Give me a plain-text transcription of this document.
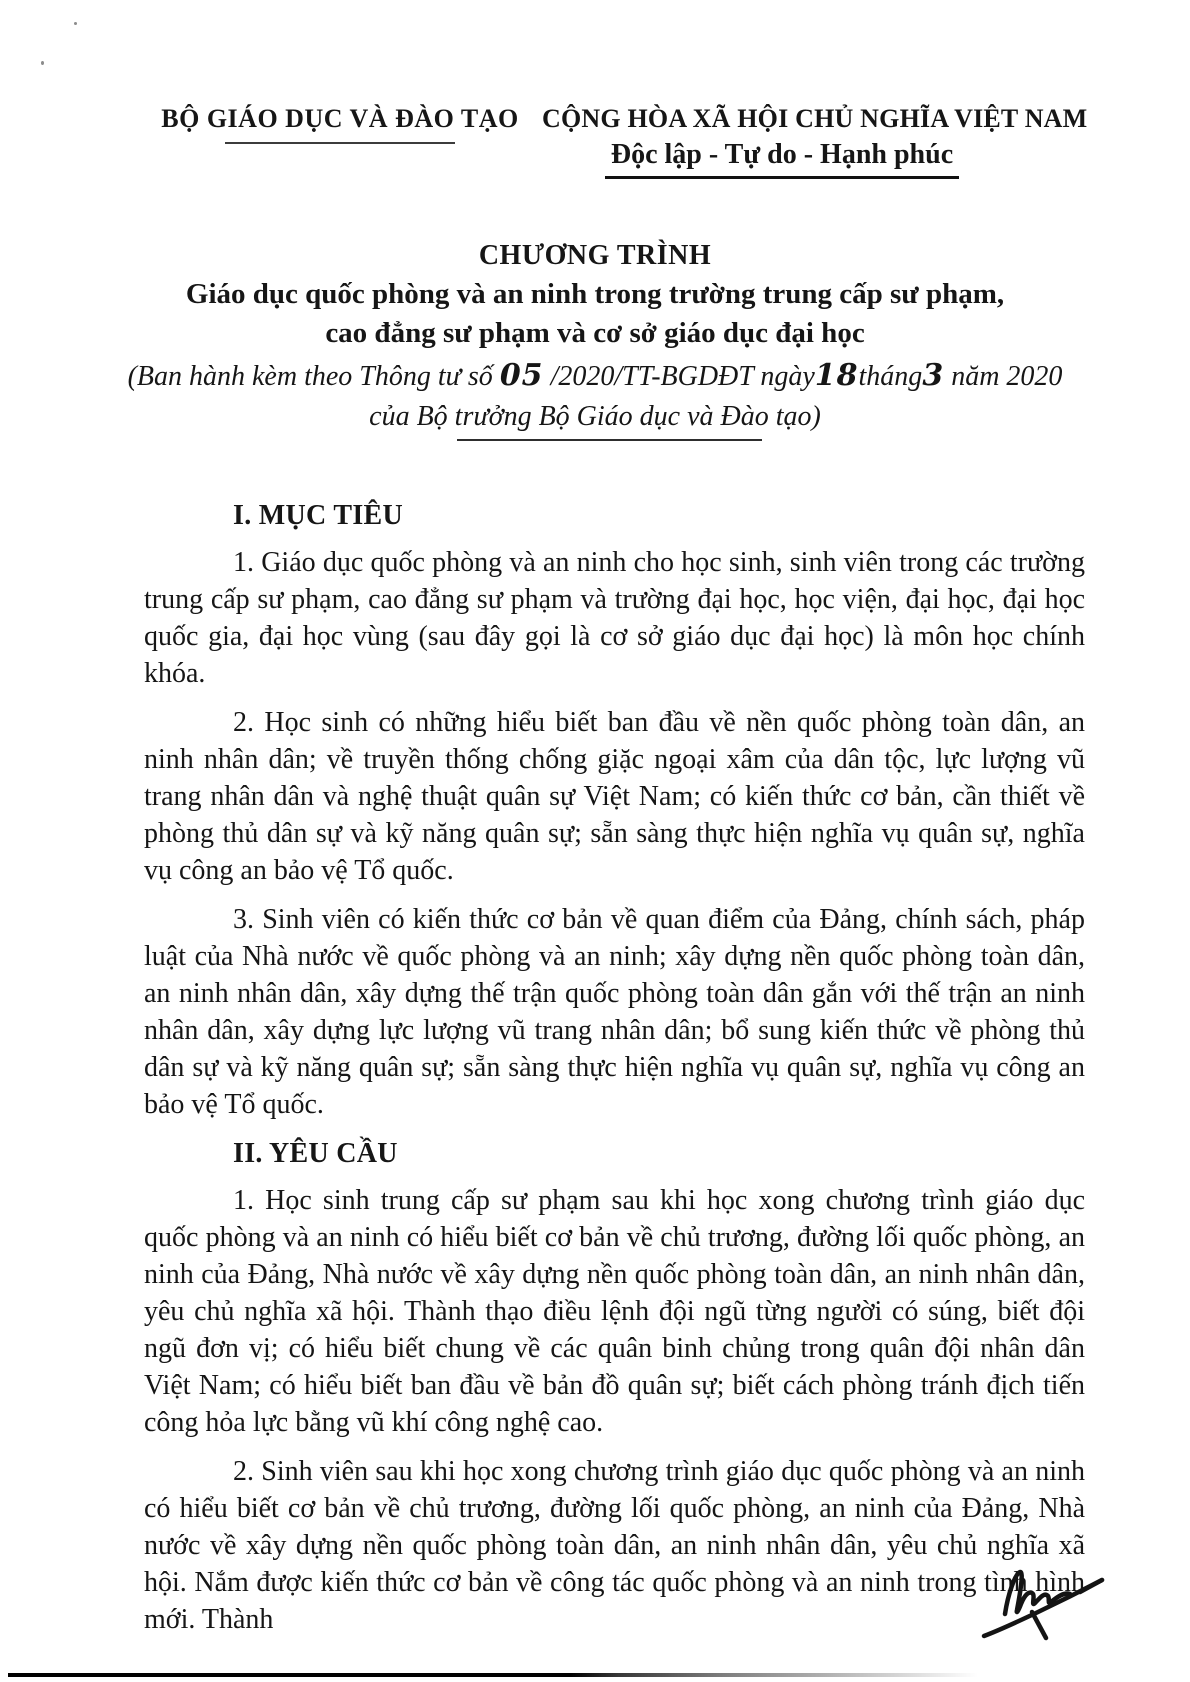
BỘ GIÁO DỤC VÀ ĐÀO TẠO CỘNG HÒA XÃ HỘI CHỦ NGHĨA VIỆT NAM
Độc lập - Tự do - Hạnh phúc
CHƯƠNG TRÌNH
Giáo dục quốc phòng và an ninh trong trường trung cấp sư phạm,
cao đẳng sư phạm và cơ sở giáo dục đại học
(Ban hành kèm theo Thông tư số 05 /2020/TT-BGDĐT ngày18tháng3 năm 2020
của Bộ trưởng Bộ Giáo dục và Đào tạo)
I. MỤC TIÊU

1. Giáo dục quốc phòng và an ninh cho học sinh, sinh viên trong các trường trung cấp sư phạm, cao đẳng sư phạm và trường đại học, học viện, đại học, đại học quốc gia, đại học vùng (sau đây gọi là cơ sở giáo dục đại học) là môn học chính khóa.

2. Học sinh có những hiểu biết ban đầu về nền quốc phòng toàn dân, an ninh nhân dân; về truyền thống chống giặc ngoại xâm của dân tộc, lực lượng vũ trang nhân dân và nghệ thuật quân sự Việt Nam; có kiến thức cơ bản, cần thiết về phòng thủ dân sự và kỹ năng quân sự; sẵn sàng thực hiện nghĩa vụ quân sự, nghĩa vụ công an bảo vệ Tổ quốc.

3. Sinh viên có kiến thức cơ bản về quan điểm của Đảng, chính sách, pháp luật của Nhà nước về quốc phòng và an ninh; xây dựng nền quốc phòng toàn dân, an ninh nhân dân, xây dựng thế trận quốc phòng toàn dân gắn với thế trận an ninh nhân dân, xây dựng lực lượng vũ trang nhân dân; bổ sung kiến thức về phòng thủ dân sự và kỹ năng quân sự; sẵn sàng thực hiện nghĩa vụ quân sự, nghĩa vụ công an bảo vệ Tổ quốc.

II. YÊU CẦU

1. Học sinh trung cấp sư phạm sau khi học xong chương trình giáo dục quốc phòng và an ninh có hiểu biết cơ bản về chủ trương, đường lối quốc phòng, an ninh của Đảng, Nhà nước về xây dựng nền quốc phòng toàn dân, an ninh nhân dân, yêu chủ nghĩa xã hội. Thành thạo điều lệnh đội ngũ từng người có súng, biết đội ngũ đơn vị; có hiểu biết chung về các quân binh chủng trong quân đội nhân dân Việt Nam; có hiểu biết ban đầu về bản đồ quân sự; biết cách phòng tránh địch tiến công hỏa lực bằng vũ khí công nghệ cao.

2. Sinh viên sau khi học xong chương trình giáo dục quốc phòng và an ninh có hiểu biết cơ bản về chủ trương, đường lối quốc phòng, an ninh của Đảng, Nhà nước về xây dựng nền quốc phòng toàn dân, an ninh nhân dân, yêu chủ nghĩa xã hội. Nắm được kiến thức cơ bản về công tác quốc phòng và an ninh trong tình hình mới. Thành
